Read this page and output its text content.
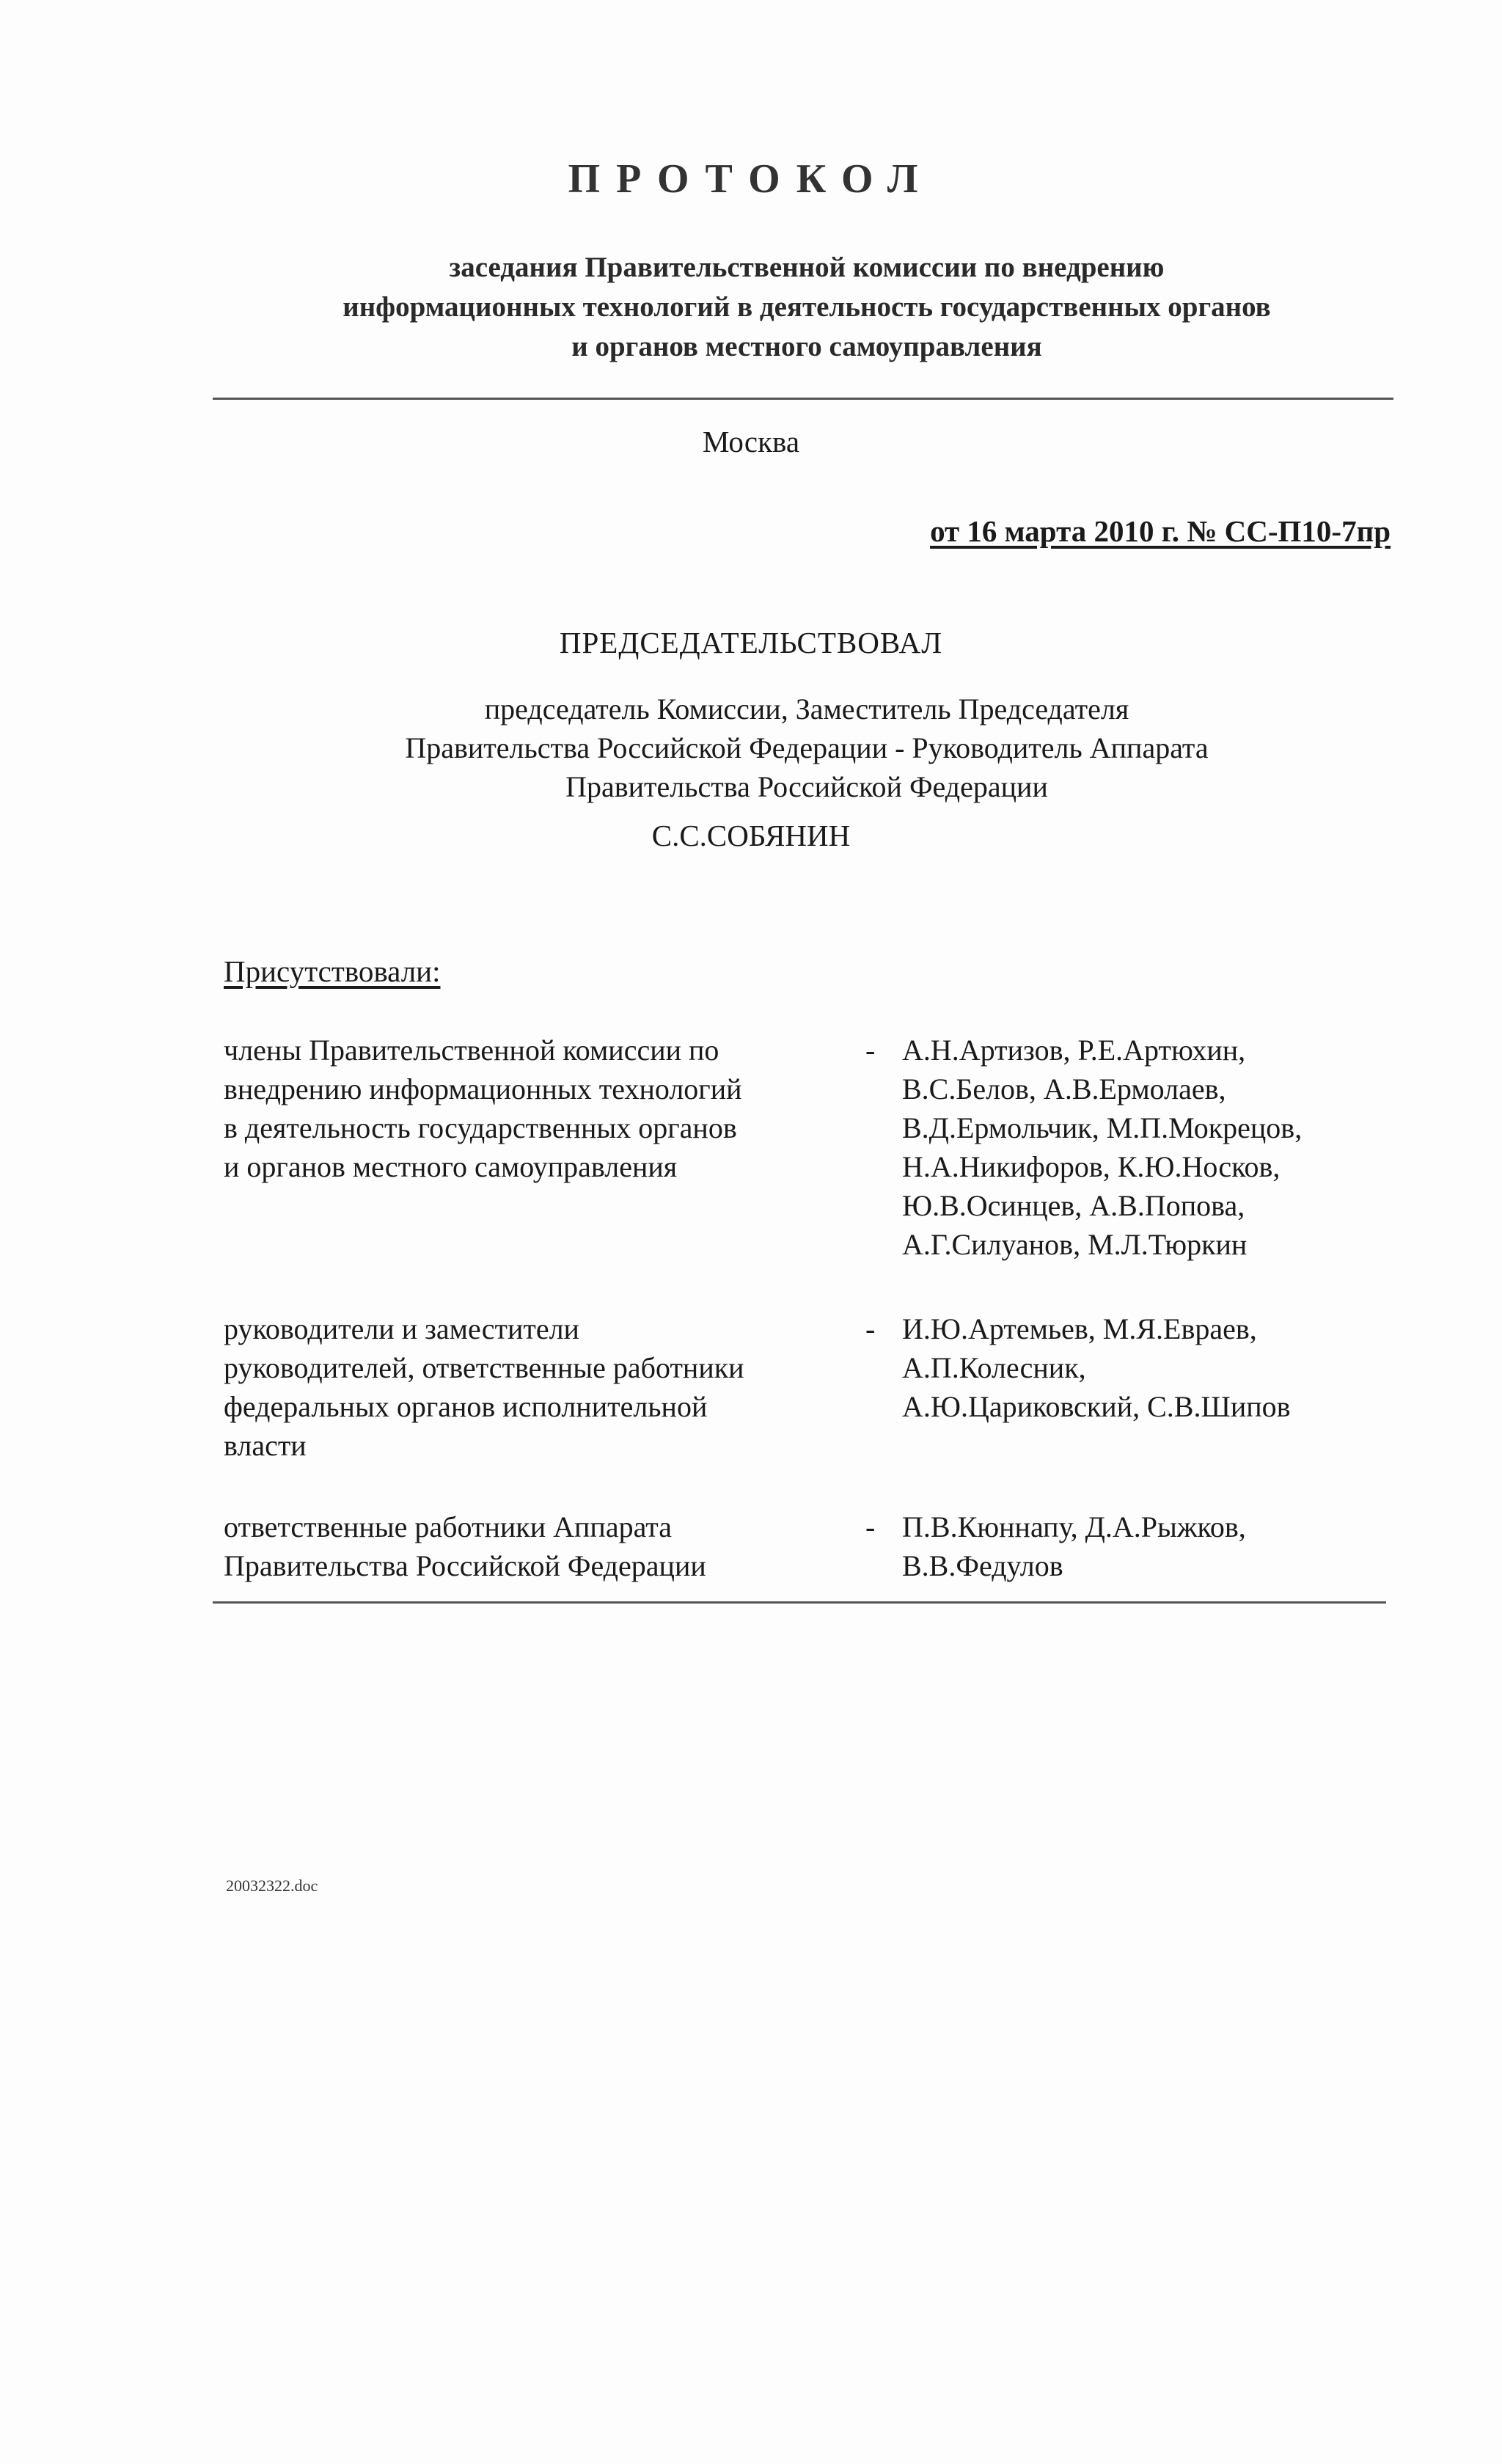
ПРОТОКОЛ
заседания Правительственной комиссии по внедрению
информационных технологий в деятельность государственных органов
и органов местного самоуправления
Москва
от 16 марта 2010 г. № СС-П10-7пр
ПРЕДСЕДАТЕЛЬСТВОВАЛ
председатель Комиссии, Заместитель Председателя
Правительства Российской Федерации - Руководитель Аппарата
Правительства Российской Федерации
С.С.СОБЯНИН
Присутствовали:
члены Правительственной комиссии по
внедрению информационных технологий
в деятельность государственных органов
и органов местного самоуправления
- А.Н.Артизов, Р.Е.Артюхин,
В.С.Белов, А.В.Ермолаев,
В.Д.Ермольчик, М.П.Мокрецов,
Н.А.Никифоров, К.Ю.Носков,
Ю.В.Осинцев, А.В.Попова,
А.Г.Силуанов, М.Л.Тюркин
руководители и заместители
руководителей, ответственные работники
федеральных органов исполнительной
власти
- И.Ю.Артемьев, М.Я.Евраев,
А.П.Колесник,
А.Ю.Цариковский, С.В.Шипов
ответственные работники Аппарата
Правительства Российской Федерации
- П.В.Кюннапу, Д.А.Рыжков,
В.В.Федулов
20032322.doc
